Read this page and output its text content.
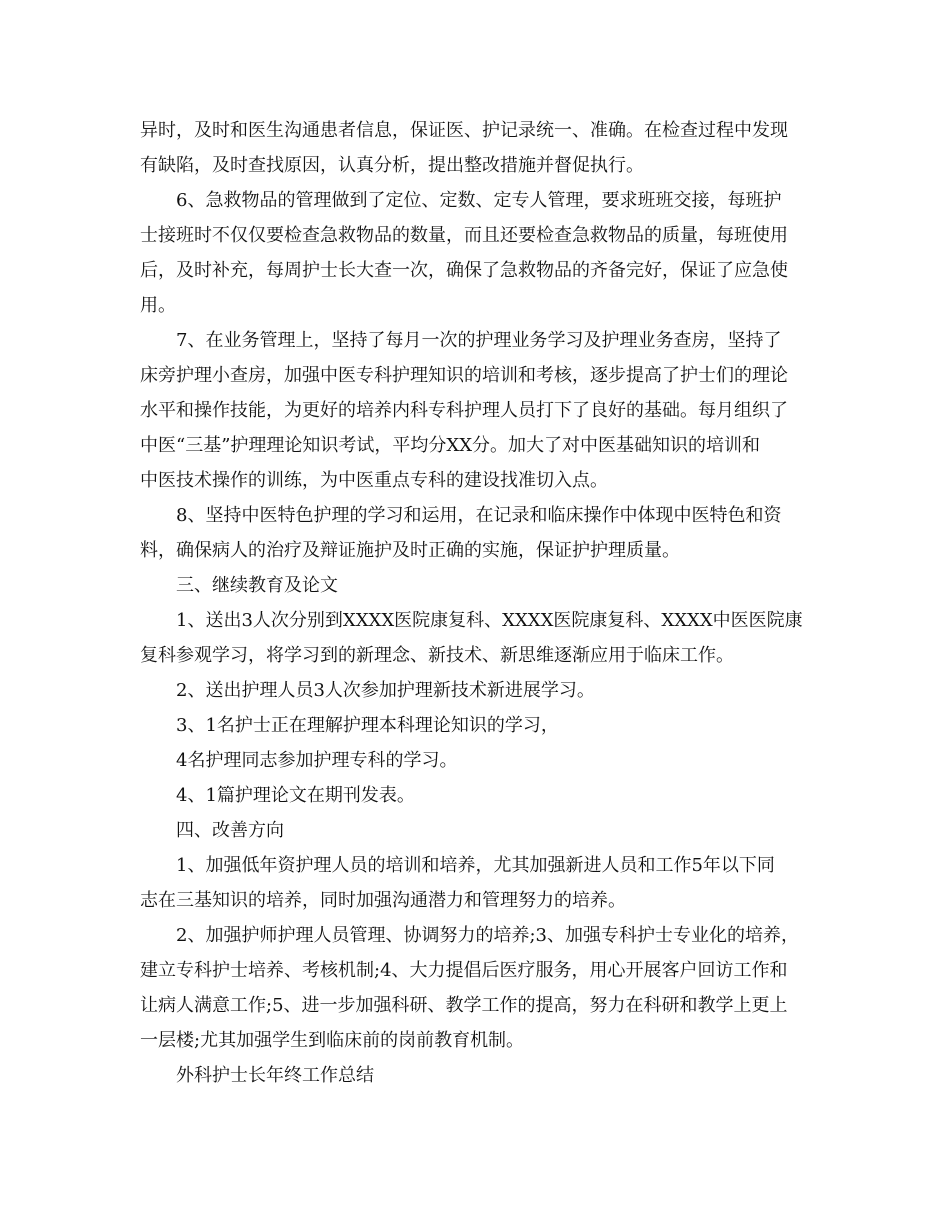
异时，及时和医生沟通患者信息，保证医、护记录统一、准确。在检查过程中发现
有缺陷，及时查找原因，认真分析，提出整改措施并督促执行。

6、急救物品的管理做到了定位、定数、定专人管理，要求班班交接，每班护
士接班时不仅仅要检查急救物品的数量，而且还要检查急救物品的质量，每班使用
后，及时补充，每周护士长大查一次，确保了急救物品的齐备完好，保证了应急使
用。

7、在业务管理上，坚持了每月一次的护理业务学习及护理业务查房，坚持了
床旁护理小查房，加强中医专科护理知识的培训和考核，逐步提高了护士们的理论
水平和操作技能，为更好的培养内科专科护理人员打下了良好的基础。每月组织了
中医“三基”护理理论知识考试，平均分XX分。加大了对中医基础知识的培训和
中医技术操作的训练，为中医重点专科的建设找准切入点。

8、坚持中医特色护理的学习和运用，在记录和临床操作中体现中医特色和资
料，确保病人的治疗及辩证施护及时正确的实施，保证护护理质量。

三、继续教育及论文

1、送出3人次分别到XXXX医院康复科、XXXX医院康复科、XXXX中医医院康
复科参观学习，将学习到的新理念、新技术、新思维逐渐应用于临床工作。

2、送出护理人员3人次参加护理新技术新进展学习。

3、1名护士正在理解护理本科理论知识的学习，

4名护理同志参加护理专科的学习。

4、1篇护理论文在期刊发表。

四、改善方向

1、加强低年资护理人员的培训和培养，尤其加强新进人员和工作5年以下同
志在三基知识的培养，同时加强沟通潜力和管理努力的培养。

2、加强护师护理人员管理、协调努力的培养;3、加强专科护士专业化的培养，
建立专科护士培养、考核机制;4、大力提倡后医疗服务，用心开展客户回访工作和
让病人满意工作;5、进一步加强科研、教学工作的提高，努力在科研和教学上更上
一层楼;尤其加强学生到临床前的岗前教育机制。

外科护士长年终工作总结
